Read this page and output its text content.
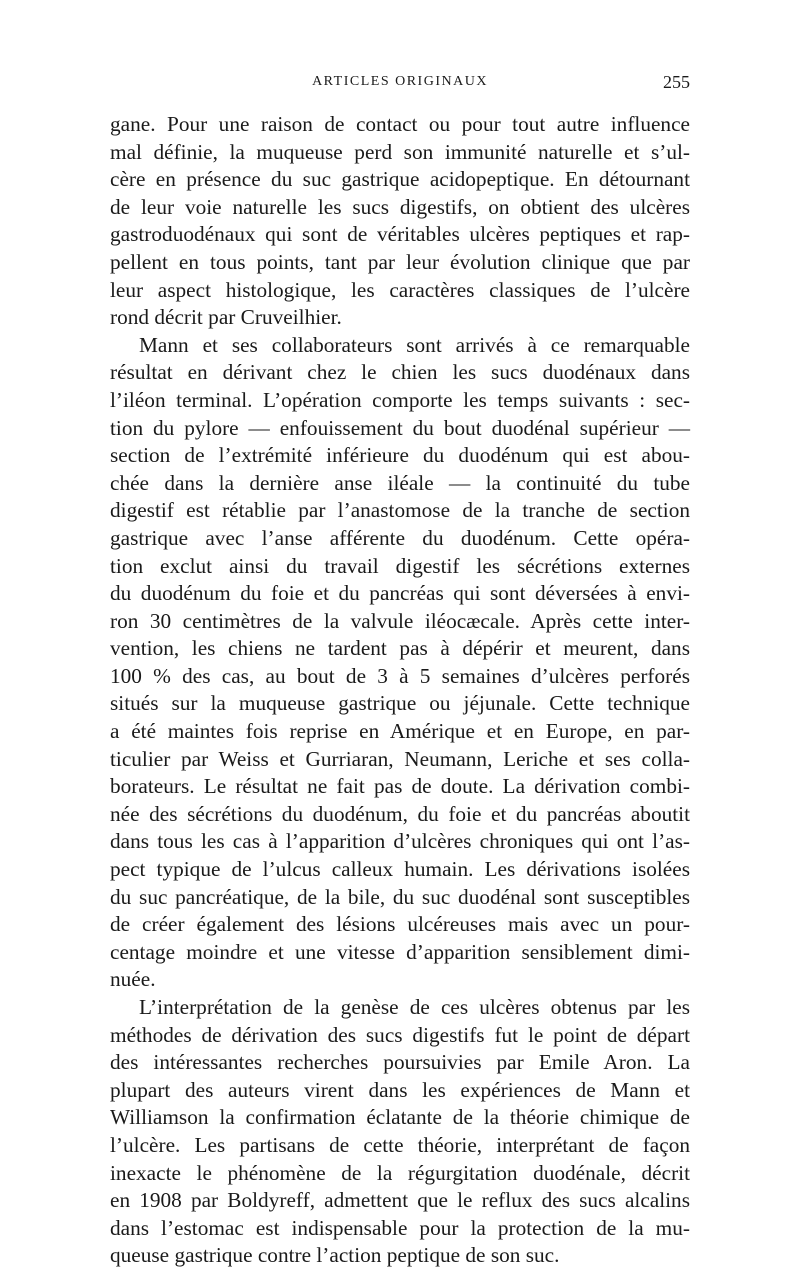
ARTICLES ORIGINAUX	255
gane. Pour une raison de contact ou pour tout autre influence
mal définie, la muqueuse perd son immunité naturelle et s’ul-
cère en présence du suc gastrique acidopeptique. En détournant
de leur voie naturelle les sucs digestifs, on obtient des ulcères
gastroduodénaux qui sont de véritables ulcères peptiques et rap-
pellent en tous points, tant par leur évolution clinique que par
leur aspect histologique, les caractères classiques de l’ulcère
rond décrit par Cruveilhier.
Mann et ses collaborateurs sont arrivés à ce remarquable
résultat en dérivant chez le chien les sucs duodénaux dans
l’iléon terminal. L’opération comporte les temps suivants : sec-
tion du pylore — enfouissement du bout duodénal supérieur —
section de l’extrémité inférieure du duodénum qui est abou-
chée dans la dernière anse iléale — la continuité du tube
digestif est rétablie par l’anastomose de la tranche de section
gastrique avec l’anse afférente du duodénum. Cette opéra-
tion exclut ainsi du travail digestif les sécrétions externes
du duodénum du foie et du pancréas qui sont déversées à envi-
ron 30 centimètres de la valvule iléocæcale. Après cette inter-
vention, les chiens ne tardent pas à dépérir et meurent, dans
100 % des cas, au bout de 3 à 5 semaines d’ulcères perforés
situés sur la muqueuse gastrique ou jéjunale. Cette technique
a été maintes fois reprise en Amérique et en Europe, en par-
ticulier par Weiss et Gurriaran, Neumann, Leriche et ses colla-
borateurs. Le résultat ne fait pas de doute. La dérivation combi-
née des sécrétions du duodénum, du foie et du pancréas aboutit
dans tous les cas à l’apparition d’ulcères chroniques qui ont l’as-
pect typique de l’ulcus calleux humain. Les dérivations isolées
du suc pancréatique, de la bile, du suc duodénal sont susceptibles
de créer également des lésions ulcéreuses mais avec un pour-
centage moindre et une vitesse d’apparition sensiblement dimi-
nuée.
L’interprétation de la genèse de ces ulcères obtenus par les
méthodes de dérivation des sucs digestifs fut le point de départ
des intéressantes recherches poursuivies par Emile Aron. La
plupart des auteurs virent dans les expériences de Mann et
Williamson la confirmation éclatante de la théorie chimique de
l’ulcère. Les partisans de cette théorie, interprétant de façon
inexacte le phénomène de la régurgitation duodénale, décrit
en 1908 par Boldyreff, admettent que le reflux des sucs alcalins
dans l’estomac est indispensable pour la protection de la mu-
queuse gastrique contre l’action peptique de son suc.
